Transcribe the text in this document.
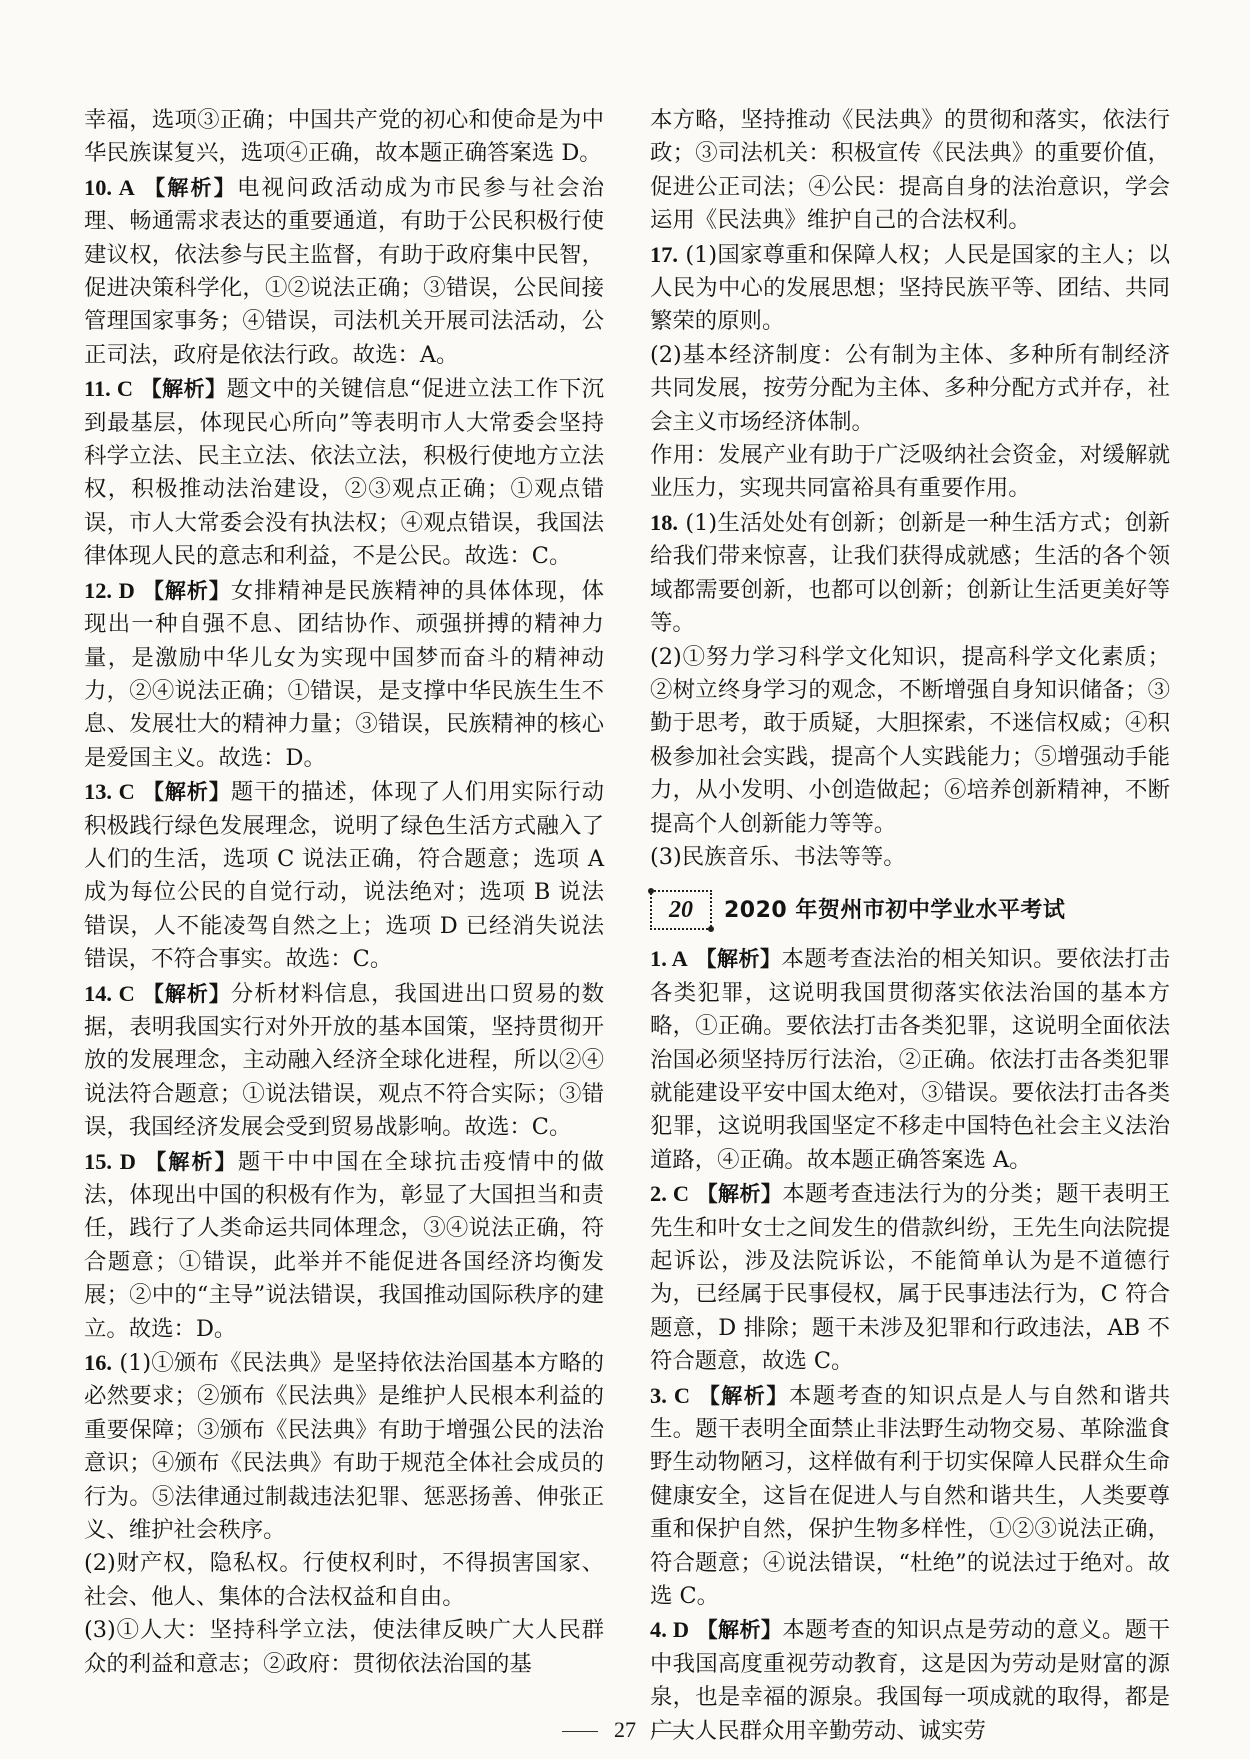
幸福，选项③正确；中国共产党的初心和使命是为中华民族谋复兴，选项④正确，故本题正确答案选 D。

10. A 【解析】电视问政活动成为市民参与社会治理、畅通需求表达的重要通道，有助于公民积极行使建议权，依法参与民主监督，有助于政府集中民智，促进决策科学化，①②说法正确；③错误，公民间接管理国家事务；④错误，司法机关开展司法活动，公正司法，政府是依法行政。故选：A。

11. C 【解析】题文中的关键信息“促进立法工作下沉到最基层，体现民心所向”等表明市人大常委会坚持科学立法、民主立法、依法立法，积极行使地方立法权，积极推动法治建设，②③观点正确；①观点错误，市人大常委会没有执法权；④观点错误，我国法律体现人民的意志和利益，不是公民。故选：C。

12. D 【解析】女排精神是民族精神的具体体现，体现出一种自强不息、团结协作、顽强拼搏的精神力量，是激励中华儿女为实现中国梦而奋斗的精神动力，②④说法正确；①错误，是支撑中华民族生生不息、发展壮大的精神力量；③错误，民族精神的核心是爱国主义。故选：D。

13. C 【解析】题干的描述，体现了人们用实际行动积极践行绿色发展理念，说明了绿色生活方式融入了人们的生活，选项 C 说法正确，符合题意；选项 A 成为每位公民的自觉行动，说法绝对；选项 B 说法错误，人不能凌驾自然之上；选项 D 已经消失说法错误，不符合事实。故选：C。

14. C 【解析】分析材料信息，我国进出口贸易的数据，表明我国实行对外开放的基本国策，坚持贯彻开放的发展理念，主动融入经济全球化进程，所以②④说法符合题意；①说法错误，观点不符合实际；③错误，我国经济发展会受到贸易战影响。故选：C。

15. D 【解析】题干中中国在全球抗击疫情中的做法，体现出中国的积极有作为，彰显了大国担当和责任，践行了人类命运共同体理念，③④说法正确，符合题意；①错误，此举并不能促进各国经济均衡发展；②中的“主导”说法错误，我国推动国际秩序的建立。故选：D。

16. (1)①颁布《民法典》是坚持依法治国基本方略的必然要求；②颁布《民法典》是维护人民根本利益的重要保障；③颁布《民法典》有助于增强公民的法治意识；④颁布《民法典》有助于规范全体社会成员的行为。⑤法律通过制裁违法犯罪、惩恶扬善、伸张正义、维护社会秩序。

(2)财产权，隐私权。行使权利时，不得损害国家、社会、他人、集体的合法权益和自由。

(3)①人大：坚持科学立法，使法律反映广大人民群众的利益和意志；②政府：贯彻依法治国的基

本方略，坚持推动《民法典》的贯彻和落实，依法行政；③司法机关：积极宣传《民法典》的重要价值，促进公正司法；④公民：提高自身的法治意识，学会运用《民法典》维护自己的合法权利。

17. (1)国家尊重和保障人权；人民是国家的主人；以人民为中心的发展思想；坚持民族平等、团结、共同繁荣的原则。

(2)基本经济制度：公有制为主体、多种所有制经济共同发展，按劳分配为主体、多种分配方式并存，社会主义市场经济体制。

作用：发展产业有助于广泛吸纳社会资金，对缓解就业压力，实现共同富裕具有重要作用。

18. (1)生活处处有创新；创新是一种生活方式；创新给我们带来惊喜，让我们获得成就感；生活的各个领域都需要创新，也都可以创新；创新让生活更美好等等。

(2)①努力学习科学文化知识，提高科学文化素质；②树立终身学习的观念，不断增强自身知识储备；③勤于思考，敢于质疑，大胆探索，不迷信权威；④积极参加社会实践，提高个人实践能力；⑤增强动手能力，从小发明、小创造做起；⑥培养创新精神，不断提高个人创新能力等等。

(3)民族音乐、书法等等。

20 2020 年贺州市初中学业水平考试

1. A 【解析】本题考查法治的相关知识。要依法打击各类犯罪，这说明我国贯彻落实依法治国的基本方略，①正确。要依法打击各类犯罪，这说明全面依法治国必须坚持厉行法治，②正确。依法打击各类犯罪就能建设平安中国太绝对，③错误。要依法打击各类犯罪，这说明我国坚定不移走中国特色社会主义法治道路，④正确。故本题正确答案选 A。

2. C 【解析】本题考查违法行为的分类；题干表明王先生和叶女士之间发生的借款纠纷，王先生向法院提起诉讼，涉及法院诉讼，不能简单认为是不道德行为，已经属于民事侵权，属于民事违法行为，C 符合题意，D 排除；题干未涉及犯罪和行政违法，AB 不符合题意，故选 C。

3. C 【解析】本题考查的知识点是人与自然和谐共生。题干表明全面禁止非法野生动物交易、革除滥食野生动物陋习，这样做有利于切实保障人民群众生命健康安全，这旨在促进人与自然和谐共生，人类要尊重和保护自然，保护生物多样性，①②③说法正确，符合题意；④说法错误，“杜绝”的说法过于绝对。故选 C。

4. D 【解析】本题考查的知识点是劳动的意义。题干中我国高度重视劳动教育，这是因为劳动是财富的源泉，也是幸福的源泉。我国每一项成就的取得，都是广大人民群众用辛勤劳动、诚实劳

27
